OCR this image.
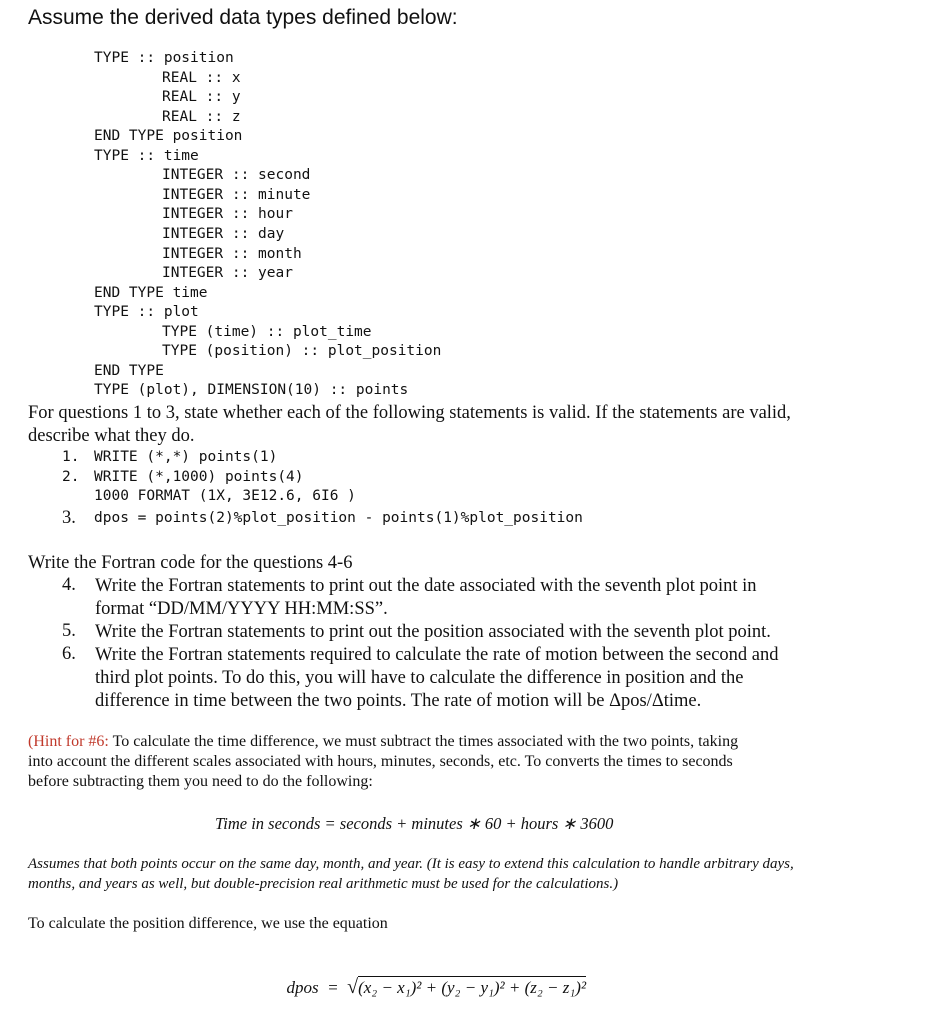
Assume the derived data types defined below:
TYPE :: position
REAL :: x
REAL :: y
REAL :: z
END TYPE position
TYPE :: time
INTEGER :: second
INTEGER :: minute
INTEGER :: hour
INTEGER :: day
INTEGER :: month
INTEGER :: year
END TYPE time
TYPE :: plot
TYPE (time) :: plot_time
TYPE (position) :: plot_position
END TYPE
TYPE (plot), DIMENSION(10) :: points
For questions 1 to 3, state whether each of the following statements is valid. If the statements are valid,
describe what they do.
1. WRITE (*,*) points(1)
2. WRITE (*,1000) points(4)
1000 FORMAT (1X, 3E12.6, 6I6 )
3. dpos = points(2)%plot_position - points(1)%plot_position
Write the Fortran code for the questions 4-6
4. Write the Fortran statements to print out the date associated with the seventh plot point in
format “DD/MM/YYYY HH:MM:SS”.
5. Write the Fortran statements to print out the position associated with the seventh plot point.
6. Write the Fortran statements required to calculate the rate of motion between the second and
third plot points. To do this, you will have to calculate the difference in position and the
difference in time between the two points. The rate of motion will be Δpos/Δtime.
(Hint for #6: To calculate the time difference, we must subtract the times associated with the two points, taking
into account the different scales associated with hours, minutes, seconds, etc. To converts the times to seconds
before subtracting them you need to do the following:
Time in seconds = seconds + minutes ∗ 60 + hours ∗ 3600
Assumes that both points occur on the same day, month, and year. (It is easy to extend this calculation to handle arbitrary days,
months, and years as well, but double-precision real arithmetic must be used for the calculations.)
To calculate the position difference, we use the equation

dpos  =  √(x₂ − x₁)² + (y₂ − y₁)² + (z₂ − z₁)²
